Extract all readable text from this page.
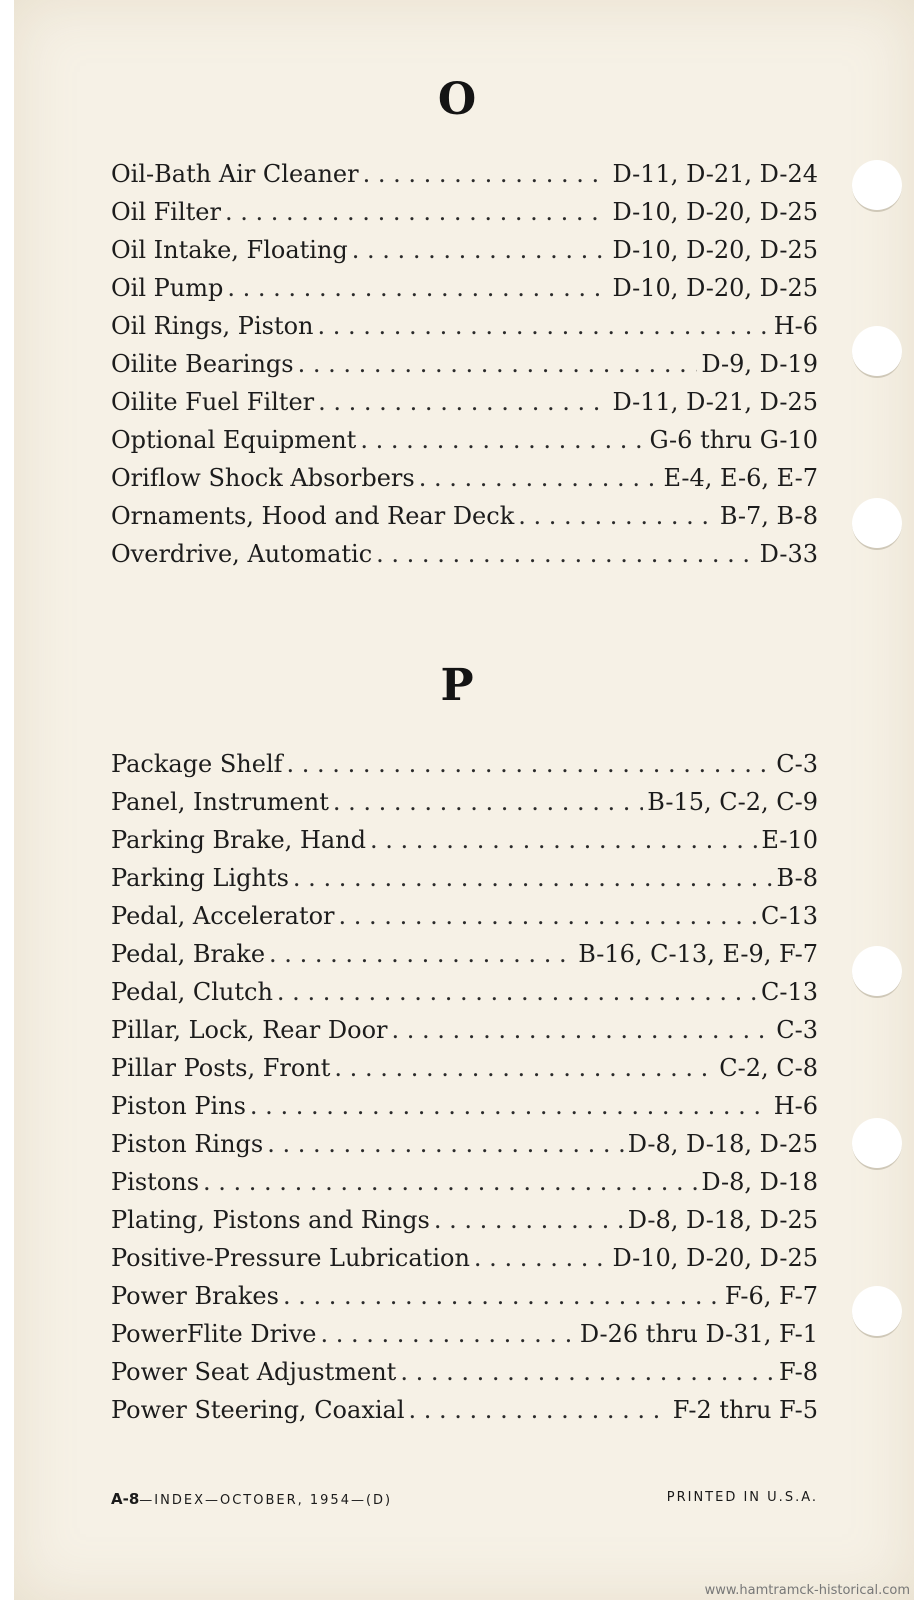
O
Oil-Bath Air Cleaner . . .	D-11, D-21, D-24
Oil Filter . . .	D-10, D-20, D-25
Oil Intake, Floating . . .	D-10, D-20, D-25
Oil Pump . . .	D-10, D-20, D-25
Oil Rings, Piston . . .	H-6
Oilite Bearings . . .	D-9, D-19
Oilite Fuel Filter . . .	D-11, D-21, D-25
Optional Equipment . . .	G-6 thru G-10
Oriflow Shock Absorbers . . .	E-4, E-6, E-7
Ornaments, Hood and Rear Deck . . .	B-7, B-8
Overdrive, Automatic . . .	D-33
P
Package Shelf . . .	C-3
Panel, Instrument . . .	B-15, C-2, C-9
Parking Brake, Hand . . .	E-10
Parking Lights . . .	B-8
Pedal, Accelerator . . .	C-13
Pedal, Brake . . .	B-16, C-13, E-9, F-7
Pedal, Clutch . . .	C-13
Pillar, Lock, Rear Door . . .	C-3
Pillar Posts, Front . . .	C-2, C-8
Piston Pins . . .	H-6
Piston Rings . . .	D-8, D-18, D-25
Pistons . . .	D-8, D-18
Plating, Pistons and Rings . . .	D-8, D-18, D-25
Positive-Pressure Lubrication . . .	D-10, D-20, D-25
Power Brakes . . .	F-6, F-7
PowerFlite Drive . . .	D-26 thru D-31, F-1
Power Seat Adjustment . . .	F-8
Power Steering, Coaxial . . .	F-2 thru F-5
A-8—INDEX—OCTOBER, 1954—(D)	PRINTED IN U.S.A.
www.hamtramck-historical.com
